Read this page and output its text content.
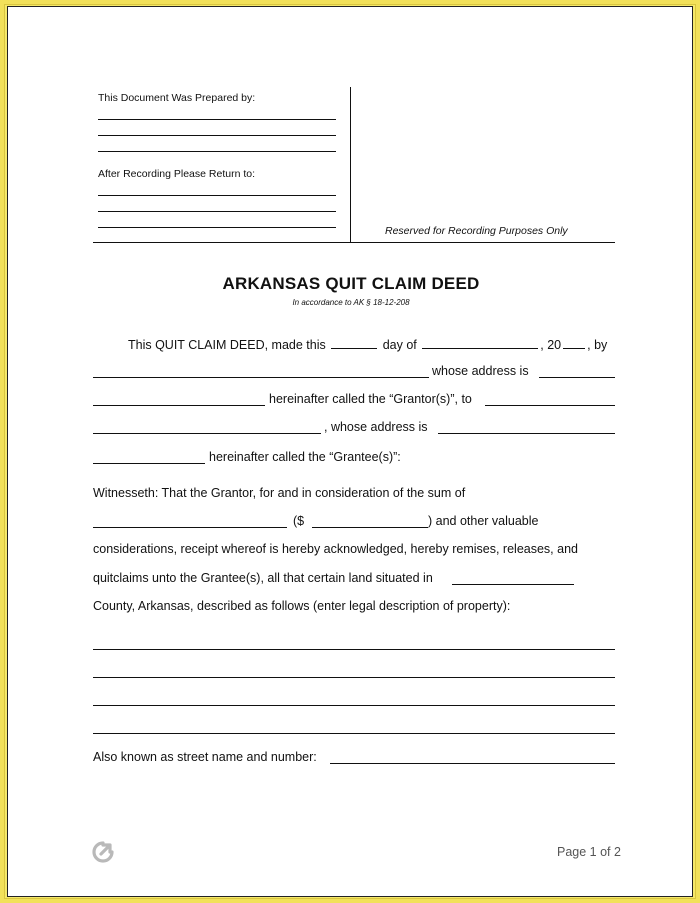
This Document Was Prepared by:
After Recording Please Return to:
Reserved for Recording Purposes Only
ARKANSAS QUIT CLAIM DEED
In accordance to AK § 18-12-208
This QUIT CLAIM DEED, made this	day of	, 20 , by
whose address is
hereinafter called the “Grantor(s)”, to
, whose address is
hereinafter called the “Grantee(s)”:
Witnesseth: That the Grantor, for and in consideration of the sum of
($	) and other valuable
considerations, receipt whereof is hereby acknowledged, hereby remises, releases, and
quitclaims unto the Grantee(s), all that certain land situated in
County, Arkansas, described as follows (enter legal description of property):
Also known as street name and number:
Page 1 of 2
